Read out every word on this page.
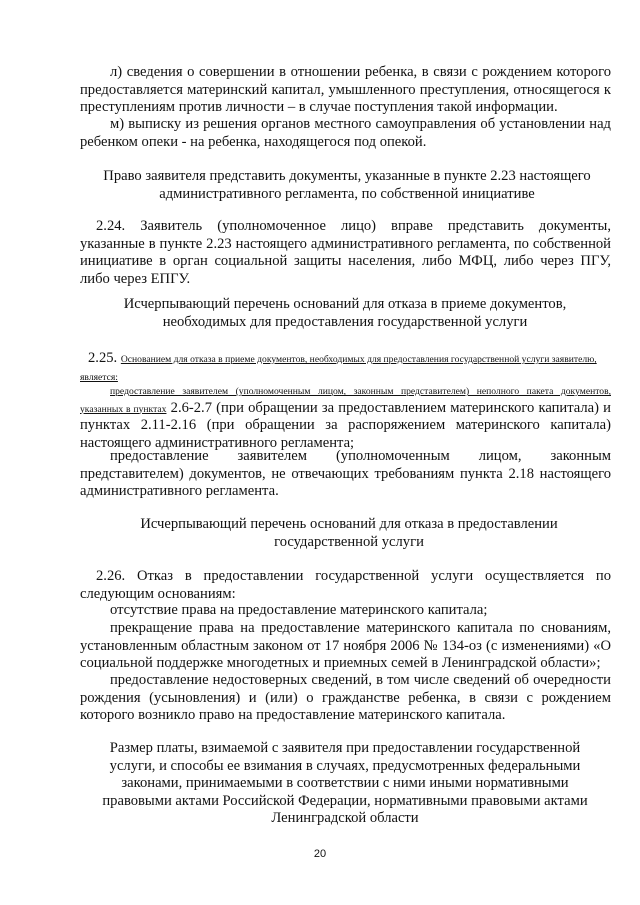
л) сведения о совершении в отношении ребенка, в связи с рождением которого предоставляется материнский капитал, умышленного преступления, относящегося к преступлениям против личности – в случае поступления такой информации.

м) выписку из решения органов местного самоуправления об установлении над ребенком опеки - на ребенка, находящегося под опекой.

Право заявителя представить документы, указанные в пункте 2.23 настоящего административного регламента, по собственной инициативе

2.24. Заявитель (уполномоченное лицо) вправе представить документы, указанные в пункте 2.23 настоящего административного регламента, по собственной инициативе в орган социальной защиты населения, либо МФЦ, либо через ПГУ, либо через ЕПГУ.

Исчерпывающий перечень оснований для отказа в приеме документов, необходимых для предоставления государственной услуги

2.25. Основанием для отказа в приеме документов, необходимых для предоставления государственной услуги заявителю, является:

предоставление заявителем (уполномоченным лицом, законным представителем) неполного пакета документов, указанных в пунктах 2.6-2.7 (при обращении за предоставлением материнского капитала) и пунктах 2.11-2.16 (при обращении за распоряжением материнского капитала) настоящего административного регламента;

предоставление заявителем (уполномоченным лицом, законным представителем) документов, не отвечающих требованиям пункта 2.18 настоящего административного регламента.

Исчерпывающий перечень оснований для отказа в предоставлении государственной услуги

2.26. Отказ в предоставлении государственной услуги осуществляется по следующим основаниям:

отсутствие права на предоставление материнского капитала;

прекращение права на предоставление материнского капитала по снованиям, установленным областным законом от 17 ноября 2006 № 134-оз (с изменениями) «О социальной поддержке многодетных и приемных семей в Ленинградской области»;

предоставление недостоверных сведений, в том числе сведений об очередности рождения (усыновления) и (или) о гражданстве ребенка, в связи с рождением которого возникло право на предоставление материнского капитала.

Размер платы, взимаемой с заявителя при предоставлении государственной услуги, и способы ее взимания в случаях, предусмотренных федеральными законами, принимаемыми в соответствии с ними иными нормативными правовыми актами Российской Федерации, нормативными правовыми актами Ленинградской области

20
